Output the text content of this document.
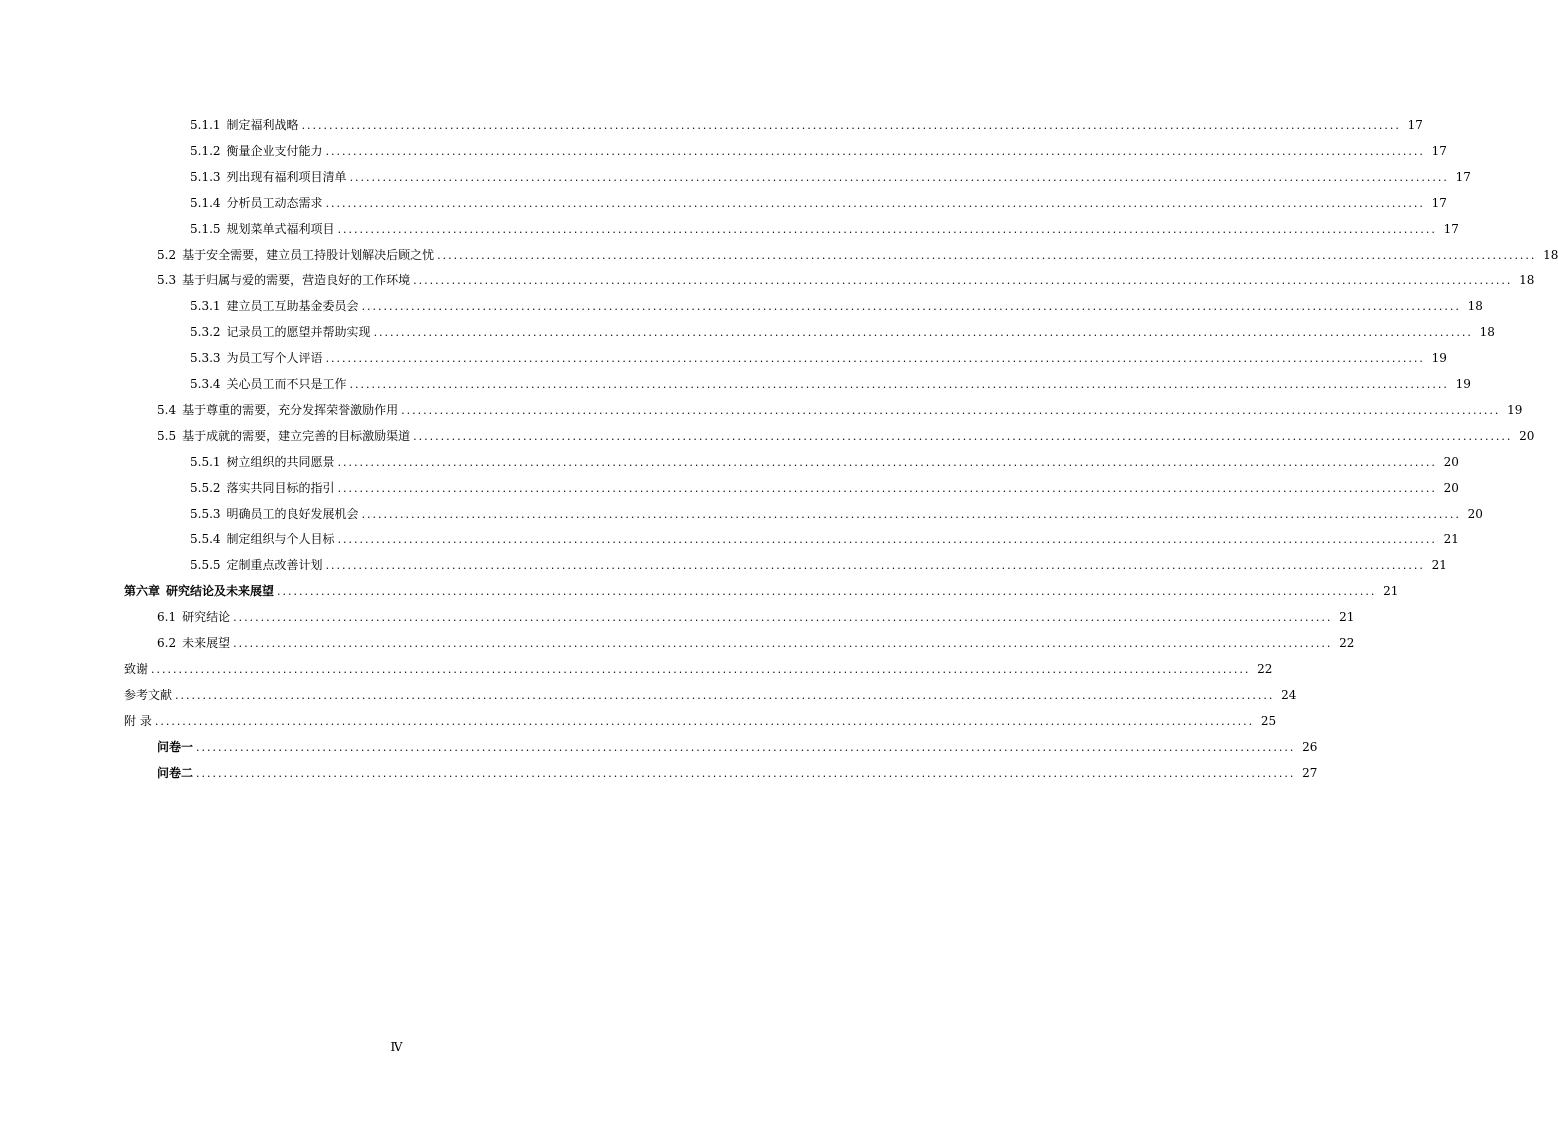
5.1.1 制定福利战略 ........................................................................................................................................................................................................ 17
5.1.2 衡量企业支付能力 ........................................................................................................................................................................................................ 17
5.1.3 列出现有福利项目清单 ........................................................................................................................................................................................................ 17
5.1.4 分析员工动态需求 ........................................................................................................................................................................................................ 17
5.1.5 规划菜单式福利项目 ........................................................................................................................................................................................................ 17
5.2 基于安全需要，建立员工持股计划解决后顾之忧 ........................................................................................................................................................................................................ 18
5.3 基于归属与爱的需要，营造良好的工作环境 ........................................................................................................................................................................................................ 18
5.3.1 建立员工互助基金委员会 ........................................................................................................................................................................................................ 18
5.3.2 记录员工的愿望并帮助实现 ........................................................................................................................................................................................................ 18
5.3.3 为员工写个人评语 ........................................................................................................................................................................................................ 19
5.3.4 关心员工而不只是工作 ........................................................................................................................................................................................................ 19
5.4 基于尊重的需要，充分发挥荣誉激励作用 ........................................................................................................................................................................................................ 19
5.5 基于成就的需要，建立完善的目标激励渠道 ........................................................................................................................................................................................................ 20
5.5.1 树立组织的共同愿景 ........................................................................................................................................................................................................ 20
5.5.2 落实共同目标的指引 ........................................................................................................................................................................................................ 20
5.5.3 明确员工的良好发展机会 ........................................................................................................................................................................................................ 20
5.5.4 制定组织与个人目标 ........................................................................................................................................................................................................ 21
5.5.5 定制重点改善计划 ........................................................................................................................................................................................................ 21
第六章 研究结论及未来展望 ........................................................................................................................................................................................................ 21
6.1 研究结论 ........................................................................................................................................................................................................ 21
6.2 未来展望 ........................................................................................................................................................................................................ 22
致谢 ........................................................................................................................................................................................................ 22
参考文献 ........................................................................................................................................................................................................ 24
附 录 ........................................................................................................................................................................................................ 25
问卷一 ........................................................................................................................................................................................................ 26
问卷二 ........................................................................................................................................................................................................ 27
Ⅳ
